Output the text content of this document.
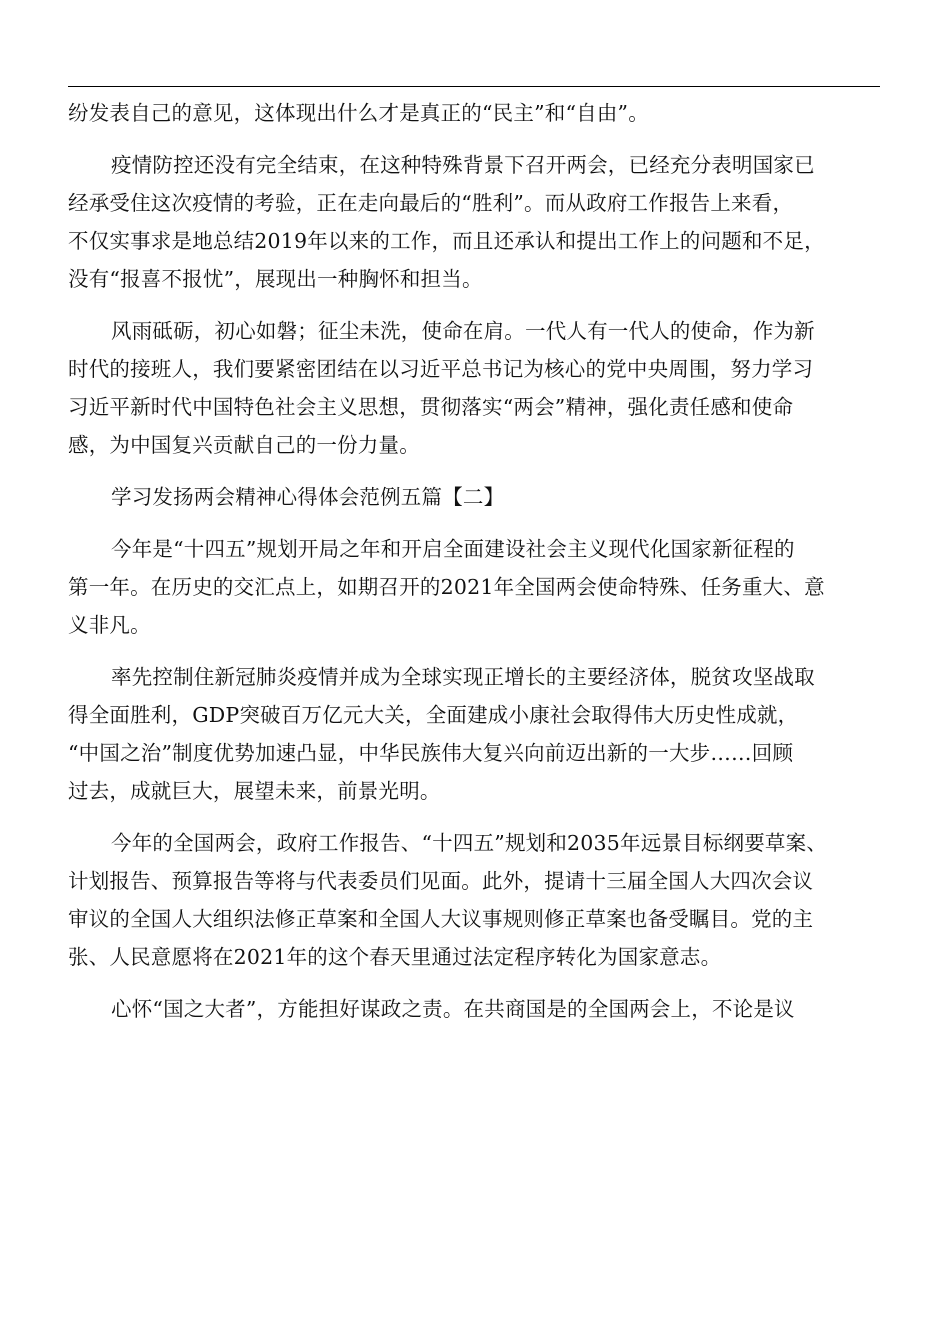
纷发表自己的意见，这体现出什么才是真正的“民主”和“自由”。
疫情防控还没有完全结束，在这种特殊背景下召开两会，已经充分表明国家已
经承受住这次疫情的考验，正在走向最后的“胜利”。而从政府工作报告上来看，
不仅实事求是地总结2019年以来的工作，而且还承认和提出工作上的问题和不足，
没有“报喜不报忧”，展现出一种胸怀和担当。
风雨砥砺，初心如磐；征尘未洗，使命在肩。一代人有一代人的使命，作为新
时代的接班人，我们要紧密团结在以习近平总书记为核心的党中央周围，努力学习
习近平新时代中国特色社会主义思想，贯彻落实“两会”精神，强化责任感和使命
感，为中国复兴贡献自己的一份力量。
学习发扬两会精神心得体会范例五篇【二】
今年是“十四五”规划开局之年和开启全面建设社会主义现代化国家新征程的
第一年。在历史的交汇点上，如期召开的2021年全国两会使命特殊、任务重大、意
义非凡。
率先控制住新冠肺炎疫情并成为全球实现正增长的主要经济体，脱贫攻坚战取
得全面胜利，GDP突破百万亿元大关，全面建成小康社会取得伟大历史性成就，
“中国之治”制度优势加速凸显，中华民族伟大复兴向前迈出新的一大步……回顾
过去，成就巨大，展望未来，前景光明。
今年的全国两会，政府工作报告、“十四五”规划和2035年远景目标纲要草案、
计划报告、预算报告等将与代表委员们见面。此外，提请十三届全国人大四次会议
审议的全国人大组织法修正草案和全国人大议事规则修正草案也备受瞩目。党的主
张、人民意愿将在2021年的这个春天里通过法定程序转化为国家意志。
心怀“国之大者”，方能担好谋政之责。在共商国是的全国两会上，不论是议
